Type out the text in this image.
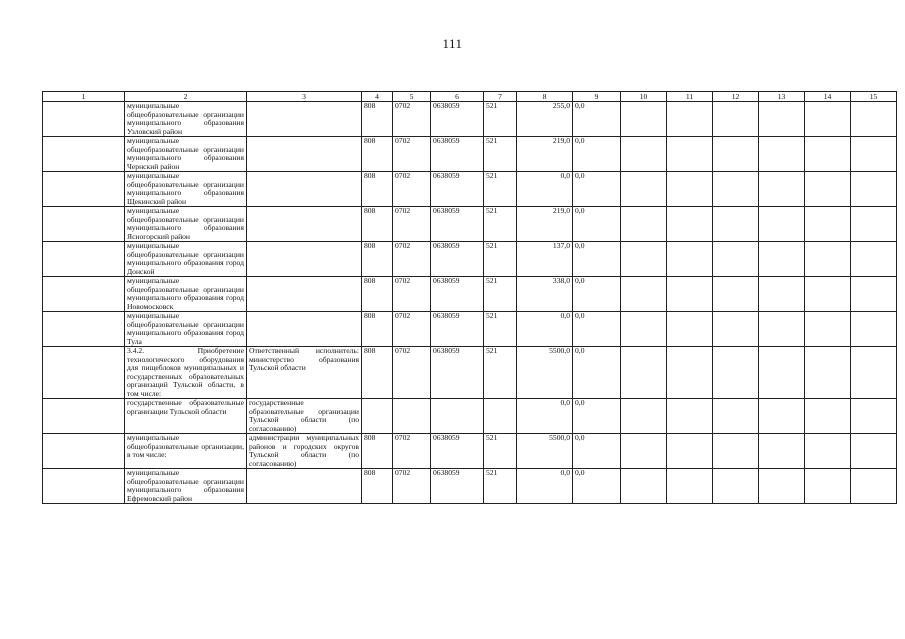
111
1	2	3	4	5	6	7	8	9	10	11	12	13	14	15
	муниципальные общеобразовательные организации муниципального образования Узловский район		808	0702	0638059	521	255,0	0,0						
	муниципальные общеобразовательные организации муниципального образования Чернский район		808	0702	0638059	521	219,0	0,0						
	муниципальные общеобразовательные организации муниципального образования Щекинский район		808	0702	0638059	521	0,0	0,0						
	муниципальные общеобразовательные организации муниципального образования Ясногорский район		808	0702	0638059	521	219,0	0,0						
	муниципальные общеобразовательные организации муниципального образования город Донской		808	0702	0638059	521	137,0	0,0						
	муниципальные общеобразовательные организации муниципального образования город Новомосковск		808	0702	0638059	521	338,0	0,0						
	муниципальные общеобразовательные организации муниципального образования город Тула		808	0702	0638059	521	0,0	0,0						
	3.4.2. Приобретение технологического оборудования для пищеблоков муниципальных и государственных образовательных организаций Тульской области, в том числе:	Ответственный исполнитель: министерство образования Тульской области	808	0702	0638059	521	5500,0	0,0						
	государственные образовательные организации Тульской области	государственные образовательные организации Тульской области (по согласованию)					0,0	0,0						
	муниципальные общеобразовательные организации, в том числе:	администрации муниципальных районов и городских округов Тульской области (по согласованию)	808	0702	0638059	521	5500,0	0,0						
	муниципальные общеобразовательные организации муниципального образования Ефремовский район		808	0702	0638059	521	0,0	0,0						
